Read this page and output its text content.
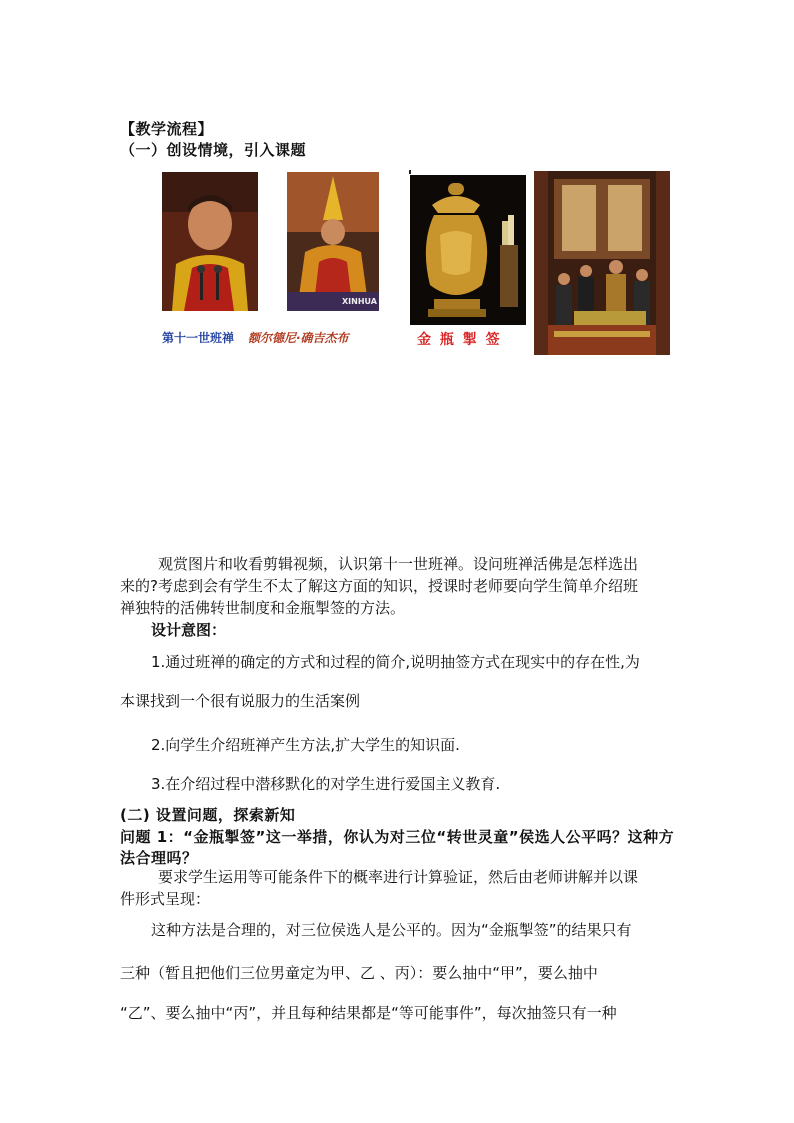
【教学流程】
（一）创设情境，引入课题
XINHUA
第十一世班禅 额尔德尼·确吉杰布	金 瓶 掣 签
观赏图片和收看剪辑视频，认识第十一世班禅。设问班禅活佛是怎样选出
来的?考虑到会有学生不太了解这方面的知识，授课时老师要向学生简单介绍班
禅独特的活佛转世制度和金瓶掣签的方法。
设计意图：
1.通过班禅的确定的方式和过程的简介,说明抽签方式在现实中的存在性,为
本课找到一个很有说服力的生活案例
2.向学生介绍班禅产生方法,扩大学生的知识面.
3.在介绍过程中潜移默化的对学生进行爱国主义教育.
(二) 设置问题，探索新知
问题 1：“金瓶掣签”这一举措，你认为对三位“转世灵童”侯选人公平吗？这种方
法合理吗？
要求学生运用等可能条件下的概率进行计算验证，然后由老师讲解并以课
件形式呈现：
这种方法是合理的，对三位侯选人是公平的。因为“金瓶掣签”的结果只有
三种（暂且把他们三位男童定为甲、乙 、丙）：要么抽中“甲”，要么抽中
“乙”、要么抽中“丙”，并且每种结果都是“等可能事件”，每次抽签只有一种
